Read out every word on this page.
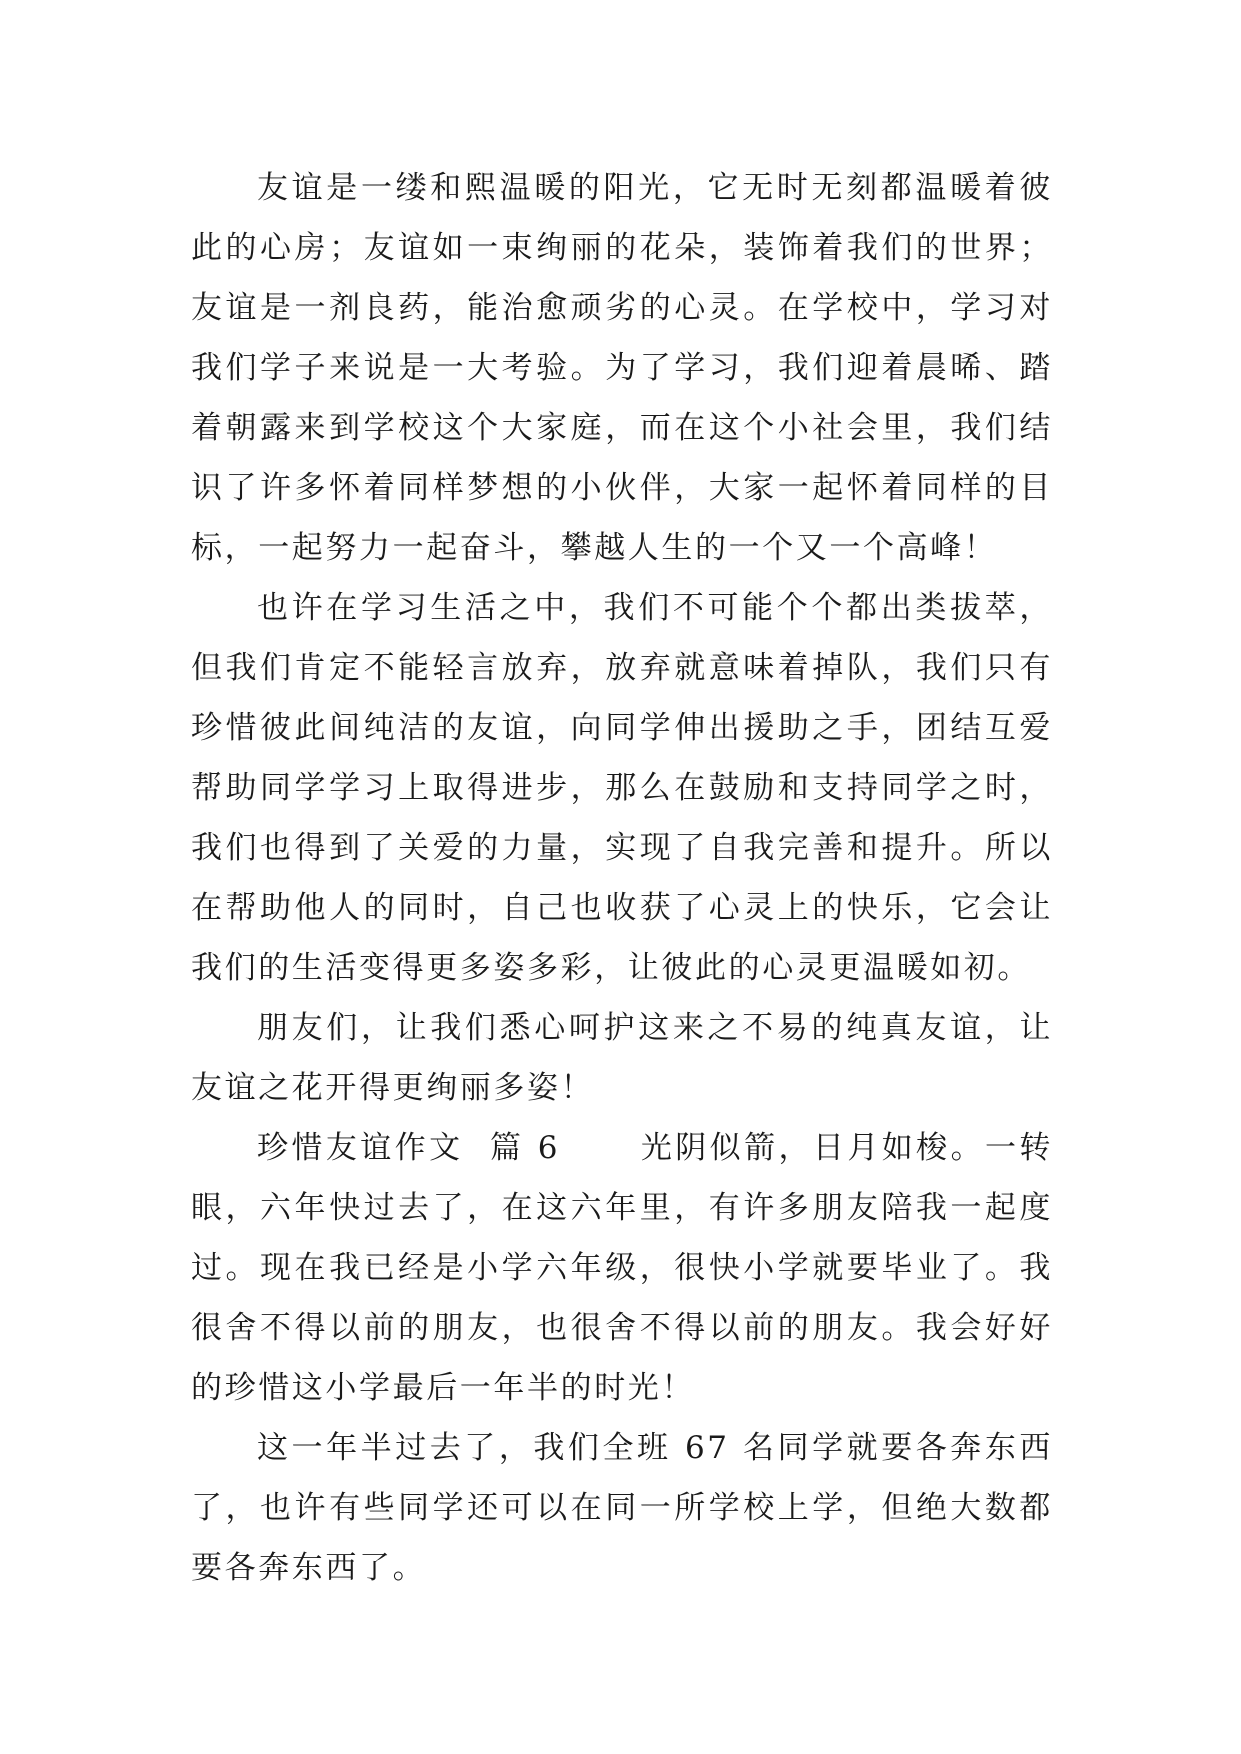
友谊是一缕和熙温暖的阳光，它无时无刻都温暖着彼此的心房；友谊如一束绚丽的花朵，装饰着我们的世界；友谊是一剂良药，能治愈顽劣的心灵。在学校中，学习对我们学子来说是一大考验。为了学习，我们迎着晨晞、踏着朝露来到学校这个大家庭，而在这个小社会里，我们结识了许多怀着同样梦想的小伙伴，大家一起怀着同样的目标，一起努力一起奋斗，攀越人生的一个又一个高峰！

也许在学习生活之中，我们不可能个个都出类拔萃，但我们肯定不能轻言放弃，放弃就意味着掉队，我们只有珍惜彼此间纯洁的友谊，向同学伸出援助之手，团结互爱帮助同学学习上取得进步，那么在鼓励和支持同学之时，我们也得到了关爱的力量，实现了自我完善和提升。所以在帮助他人的同时，自己也收获了心灵上的快乐，它会让我们的生活变得更多姿多彩，让彼此的心灵更温暖如初。

朋友们，让我们悉心呵护这来之不易的纯真友谊，让友谊之花开得更绚丽多姿！

珍惜友谊作文  篇 6	光阴似箭，日月如梭。一转眼，六年快过去了，在这六年里，有许多朋友陪我一起度过。现在我已经是小学六年级，很快小学就要毕业了。我很舍不得以前的朋友，也很舍不得以前的朋友。我会好好的珍惜这小学最后一年半的时光！

这一年半过去了，我们全班 67 名同学就要各奔东西了，也许有些同学还可以在同一所学校上学，但绝大数都要各奔东西了。
